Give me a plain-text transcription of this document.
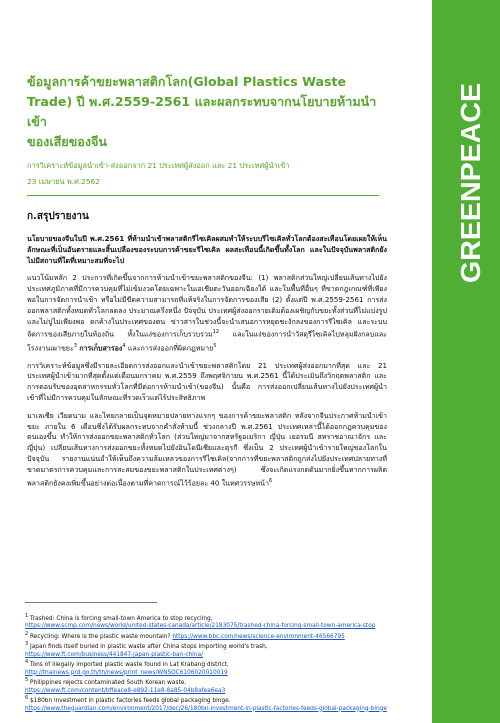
GREENPEACE
ข้อมูลการค้าขยะพลาสติกโลก(Global Plastics Waste
Trade) ปี พ.ศ.2559-2561 และผลกระทบจากนโยบายห้ามนำเข้า
ของเสียของจีน
การวิเคราะห์ข้อมูลนำเข้า-ส่งออกจาก 21 ประเทศผู้ส่งออก และ 21 ประเทศผู้นำเข้า
23 เมษายน พ.ศ.2562
ก.สรุปรายงาน
นโยบายของจีนในปี พ.ศ.2561 ที่ห้ามนำเข้าพลาสติกรีไซเคิลผสมทำให้ระบบรีไซเคิลทั่วโลกต้องสะเทือนโดยเผยให้เห็นลักษณะที่เป็นอันตรายและสิ้นเปลืองของระบบการค้าขยะรีไซเคิล ผลสะเทือนนี้เกิดขึ้นทั้งโลก และในปัจจุบันพลาสติกยังไม่มีสถานที่ใดที่เหมาะสมที่จะไป
แนวโน้มหลัก 2 ประการที่เกิดขึ้นจากการห้ามนำเข้าขยะพลาสติกของจีน: (1) พลาสติกส่วนใหญ่เปลี่ยนเส้นทางไปยังประเทศภูมิภาคที่มีการควบคุมที่ไม่เข้มงวดโดยเฉพาะในเอเชียตะวันออกเฉียงใต้ และในพื้นที่อื่นๆ ที่ขาดกฎเกณฑ์ที่เพียงพอในการจัดการนำเข้า หรือไม่มีขีดความสามารถที่แท้จริงในการจัดการของเสีย (2) ตั้งแต่ปี พ.ศ.2559-2561 การส่งออกพลาสติกทั้งหมดทั่วโลกลดลง ประมาณครึ่งหนึ่ง ปัจจุบัน ประเทศผู้ส่งออกรายเดิมต้องเผชิญกับขยะทั้งส่วนที่ไม่แบ่งรูปและไม่ปูไม่เพียงพอ ตกค้างในประเทศของตน ข่าวสารในช่วงนี้จะนำเสนอการหยุดชะงักลงของการรีไซเคิล และระบบจัดการของเสียภายในท้องถิ่น ทั้งในแง่ของการเก็บรวบรวม$^{12}$ และในแง่ของการนำวัสดุรีไซเคิลไปหลุมฝังกลบและโรงงานเผาขยะ$^3$ การเก็บสารอง$^4$ และการส่งออกที่ผิดกฎหมาย$^5$
การวิเคราะห์ข้อมูลซึ่งมีรายละเอียดการส่งออกและนำเข้าขยะพลาสติกโดย 21 ประเทศผู้ส่งออกมากที่สุด และ 21 ประเทศผู้นำเข้ามากที่สุดตั้งแต่เดือนมกราคม พ.ศ.2559 ถึงพฤศจิกายน พ.ศ.2561 นี้ได้ประเมินถึงวิกฤตพลาสติก และการตอบรับของอุตสาหกรรมทั่วโลกที่มีต่อการห้ามนำเข้า(ของจีน) นั้นคือ การส่งออกเปลี่ยนเส้นทางไปยังประเทศผู้นำเข้าที่ไม่มีการควบคุมในลักษณะที่รวดเร็วแต่ไร้ประสิทธิภาพ
มาเลเซีย เวียดนาม และไทยกลายเป็นจุดหมายปลายทางแรกๆ ของการค้าขยะพลาสติก หลังจากจีนประกาศห้ามนำเข้าขยะ ภายใน 6 เดือนซึ่งได้รับผลกระทบจากคำสั่งห้ามนี้ ช่วงกลางปี พ.ศ.2561 ประเทศเหล่านี้ได้ออกกฎควบคุมของตนเองขึ้น ทำให้การส่งออกขยะพลาสติกทั่วโลก (ส่วนใหญ่มาจากสหรัฐอเมริกา ญี่ปุ่น เยอรมนี สหราชอาณาจักร และญี่ปุ่น) เปลี่ยนเส้นทางการส่งออกขยะทั้งหมดไปยังอินโดนีเซียและตุรกี ซึ่งเป็น 2 ประเทศผู้นำเข้ารายใหญ่ของโลกในปัจจุบัน รายงานแน่นอำให้เห็นถึงความล้มเหลวของการรีไซเคิล(จากการที่ขยะพลาสติกถูกส่งไปยังประเทศปลายทางที่ขาดมาตรการควบคุมและการสะสมของขยะพลาสติกในประเทศต่างๆ) ซึ่งจะเกิดแรงกดดันมากยิ่งขึ้นหากการผลิตพลาสติกยังคงเพิ่มขึ้นอย่างต่อเนื่องตามที่คาดการณ์ไว้ร้อยละ 40 ในทศวรรษหน้า$^6$
$^1$ Trashed: China is forcing small-town America to stop recycling,
https://www.scmp.com/news/world/united-states-canada/article/2183075/trashed-china-forcing-small-town-america-stop
$^2$ Recycling: Where is the plastic waste mountain? https://www.bbc.com/news/science-environment-46566795
$^3$ Japan finds itself buried in plastic waste after China stops importing world's trash,
https://www.ft.com/business/441847-japan-plastic-ban-china/
$^4$ Tons of illegally imported plastic waste found in Lat Krabang district,
http://thainews.prd.go.th/th/news/print_news/WNSOC6106020010019
$^5$ Philippines rejects contaminated South Korean waste.
https://www.ft.com/content/bffeace8-e892-11e8-8a85-04b8afea6ea3
$^6$ $180bn investment in plastic factories feeds global packaging binge.
https://www.theguardian.com/environment/2017/dec/26/180bn-investment-in-plastic-factories-feeds-global-packaging-binge
